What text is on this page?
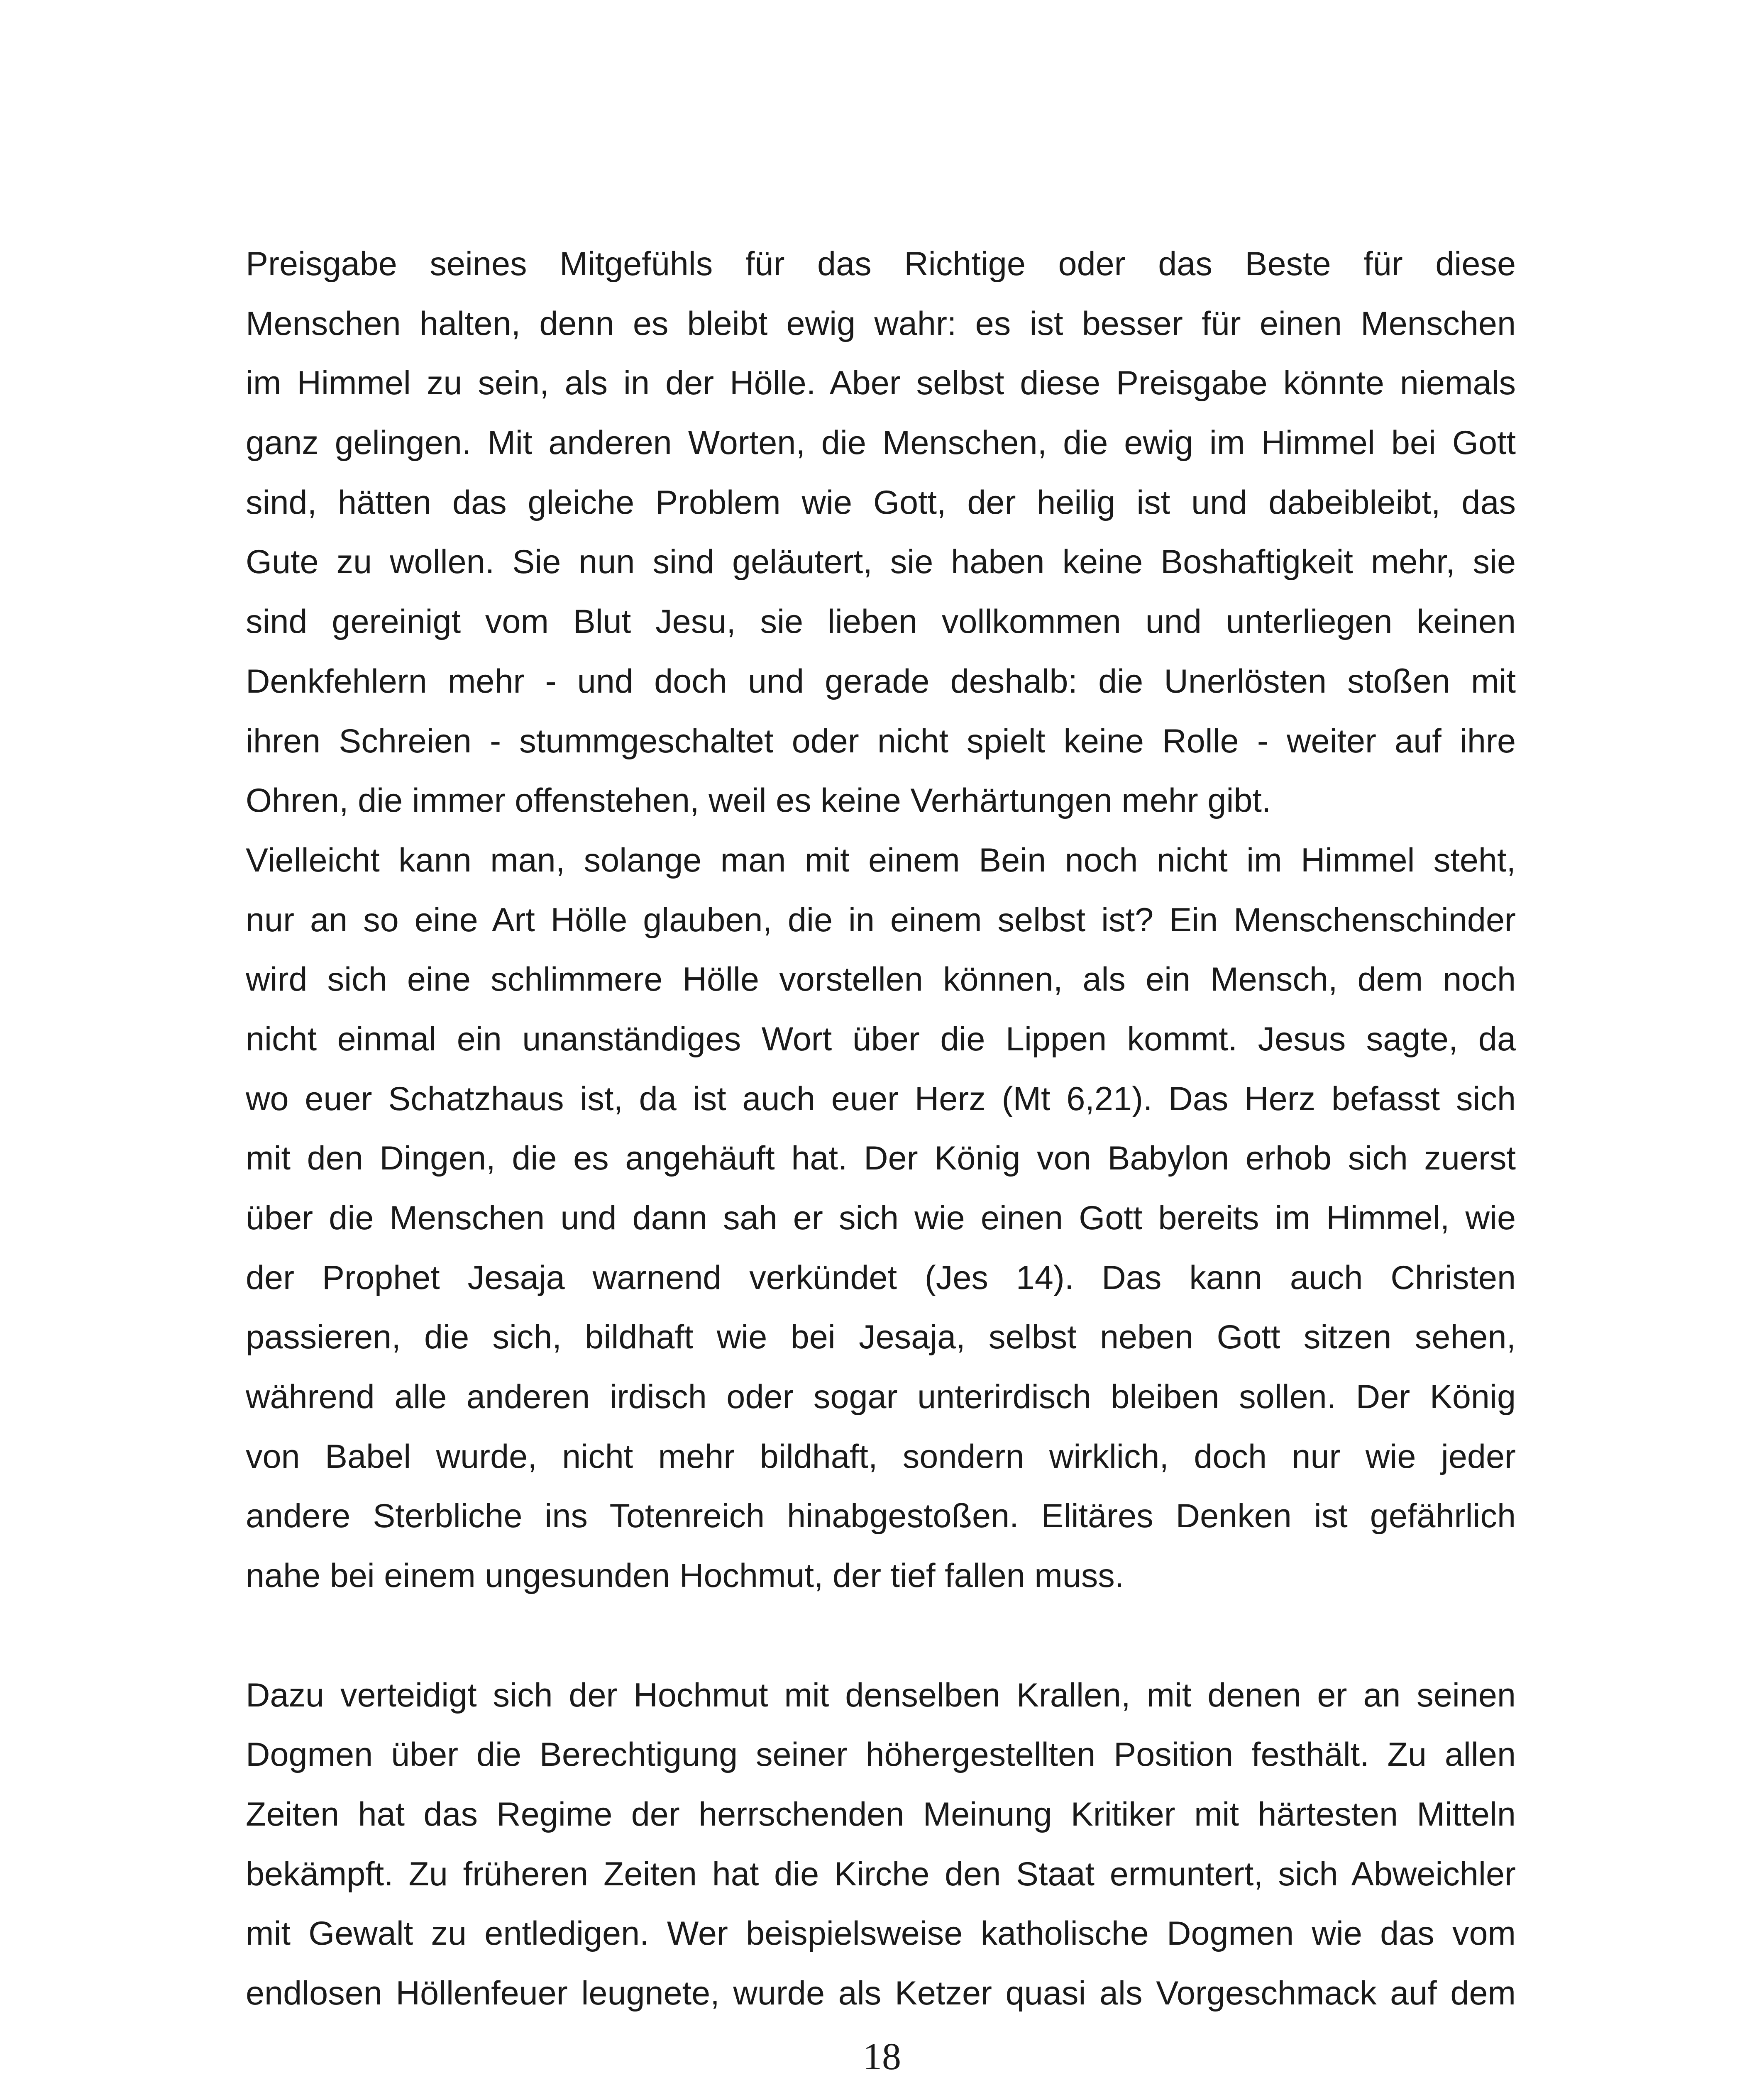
Preisgabe seines Mitgefühls für das Richtige oder das Beste für diese
Menschen halten, denn es bleibt ewig wahr: es ist besser für einen Menschen
im Himmel zu sein, als in der Hölle. Aber selbst diese Preisgabe könnte niemals
ganz gelingen. Mit anderen Worten, die Menschen, die ewig im Himmel bei Gott
sind, hätten das gleiche Problem wie Gott, der heilig ist und dabeibleibt, das
Gute zu wollen. Sie nun sind geläutert, sie haben keine Boshaftigkeit mehr, sie
sind gereinigt vom Blut Jesu, sie lieben vollkommen und unterliegen keinen
Denkfehlern mehr - und doch und gerade deshalb: die Unerlösten stoßen mit
ihren Schreien - stummgeschaltet oder nicht spielt keine Rolle - weiter auf ihre
Ohren, die immer offenstehen, weil es keine Verhärtungen mehr gibt.
Vielleicht kann man, solange man mit einem Bein noch nicht im Himmel steht,
nur an so eine Art Hölle glauben, die in einem selbst ist? Ein Menschenschinder
wird sich eine schlimmere Hölle vorstellen können, als ein Mensch, dem noch
nicht einmal ein unanständiges Wort über die Lippen kommt. Jesus sagte, da
wo euer Schatzhaus ist, da ist auch euer Herz (Mt 6,21). Das Herz befasst sich
mit den Dingen, die es angehäuft hat. Der König von Babylon erhob sich zuerst
über die Menschen und dann sah er sich wie einen Gott bereits im Himmel, wie
der Prophet Jesaja warnend verkündet (Jes 14). Das kann auch Christen
passieren, die sich, bildhaft wie bei Jesaja, selbst neben Gott sitzen sehen,
während alle anderen irdisch oder sogar unterirdisch bleiben sollen. Der König
von Babel wurde, nicht mehr bildhaft, sondern wirklich, doch nur wie jeder
andere Sterbliche ins Totenreich hinabgestoßen. Elitäres Denken ist gefährlich
nahe bei einem ungesunden Hochmut, der tief fallen muss.
Dazu verteidigt sich der Hochmut mit denselben Krallen, mit denen er an seinen
Dogmen über die Berechtigung seiner höhergestellten Position festhält. Zu allen
Zeiten hat das Regime der herrschenden Meinung Kritiker mit härtesten Mitteln
bekämpft. Zu früheren Zeiten hat die Kirche den Staat ermuntert, sich Abweichler
mit Gewalt zu entledigen. Wer beispielsweise katholische Dogmen wie das vom
endlosen Höllenfeuer leugnete, wurde als Ketzer quasi als Vorgeschmack auf dem
18
